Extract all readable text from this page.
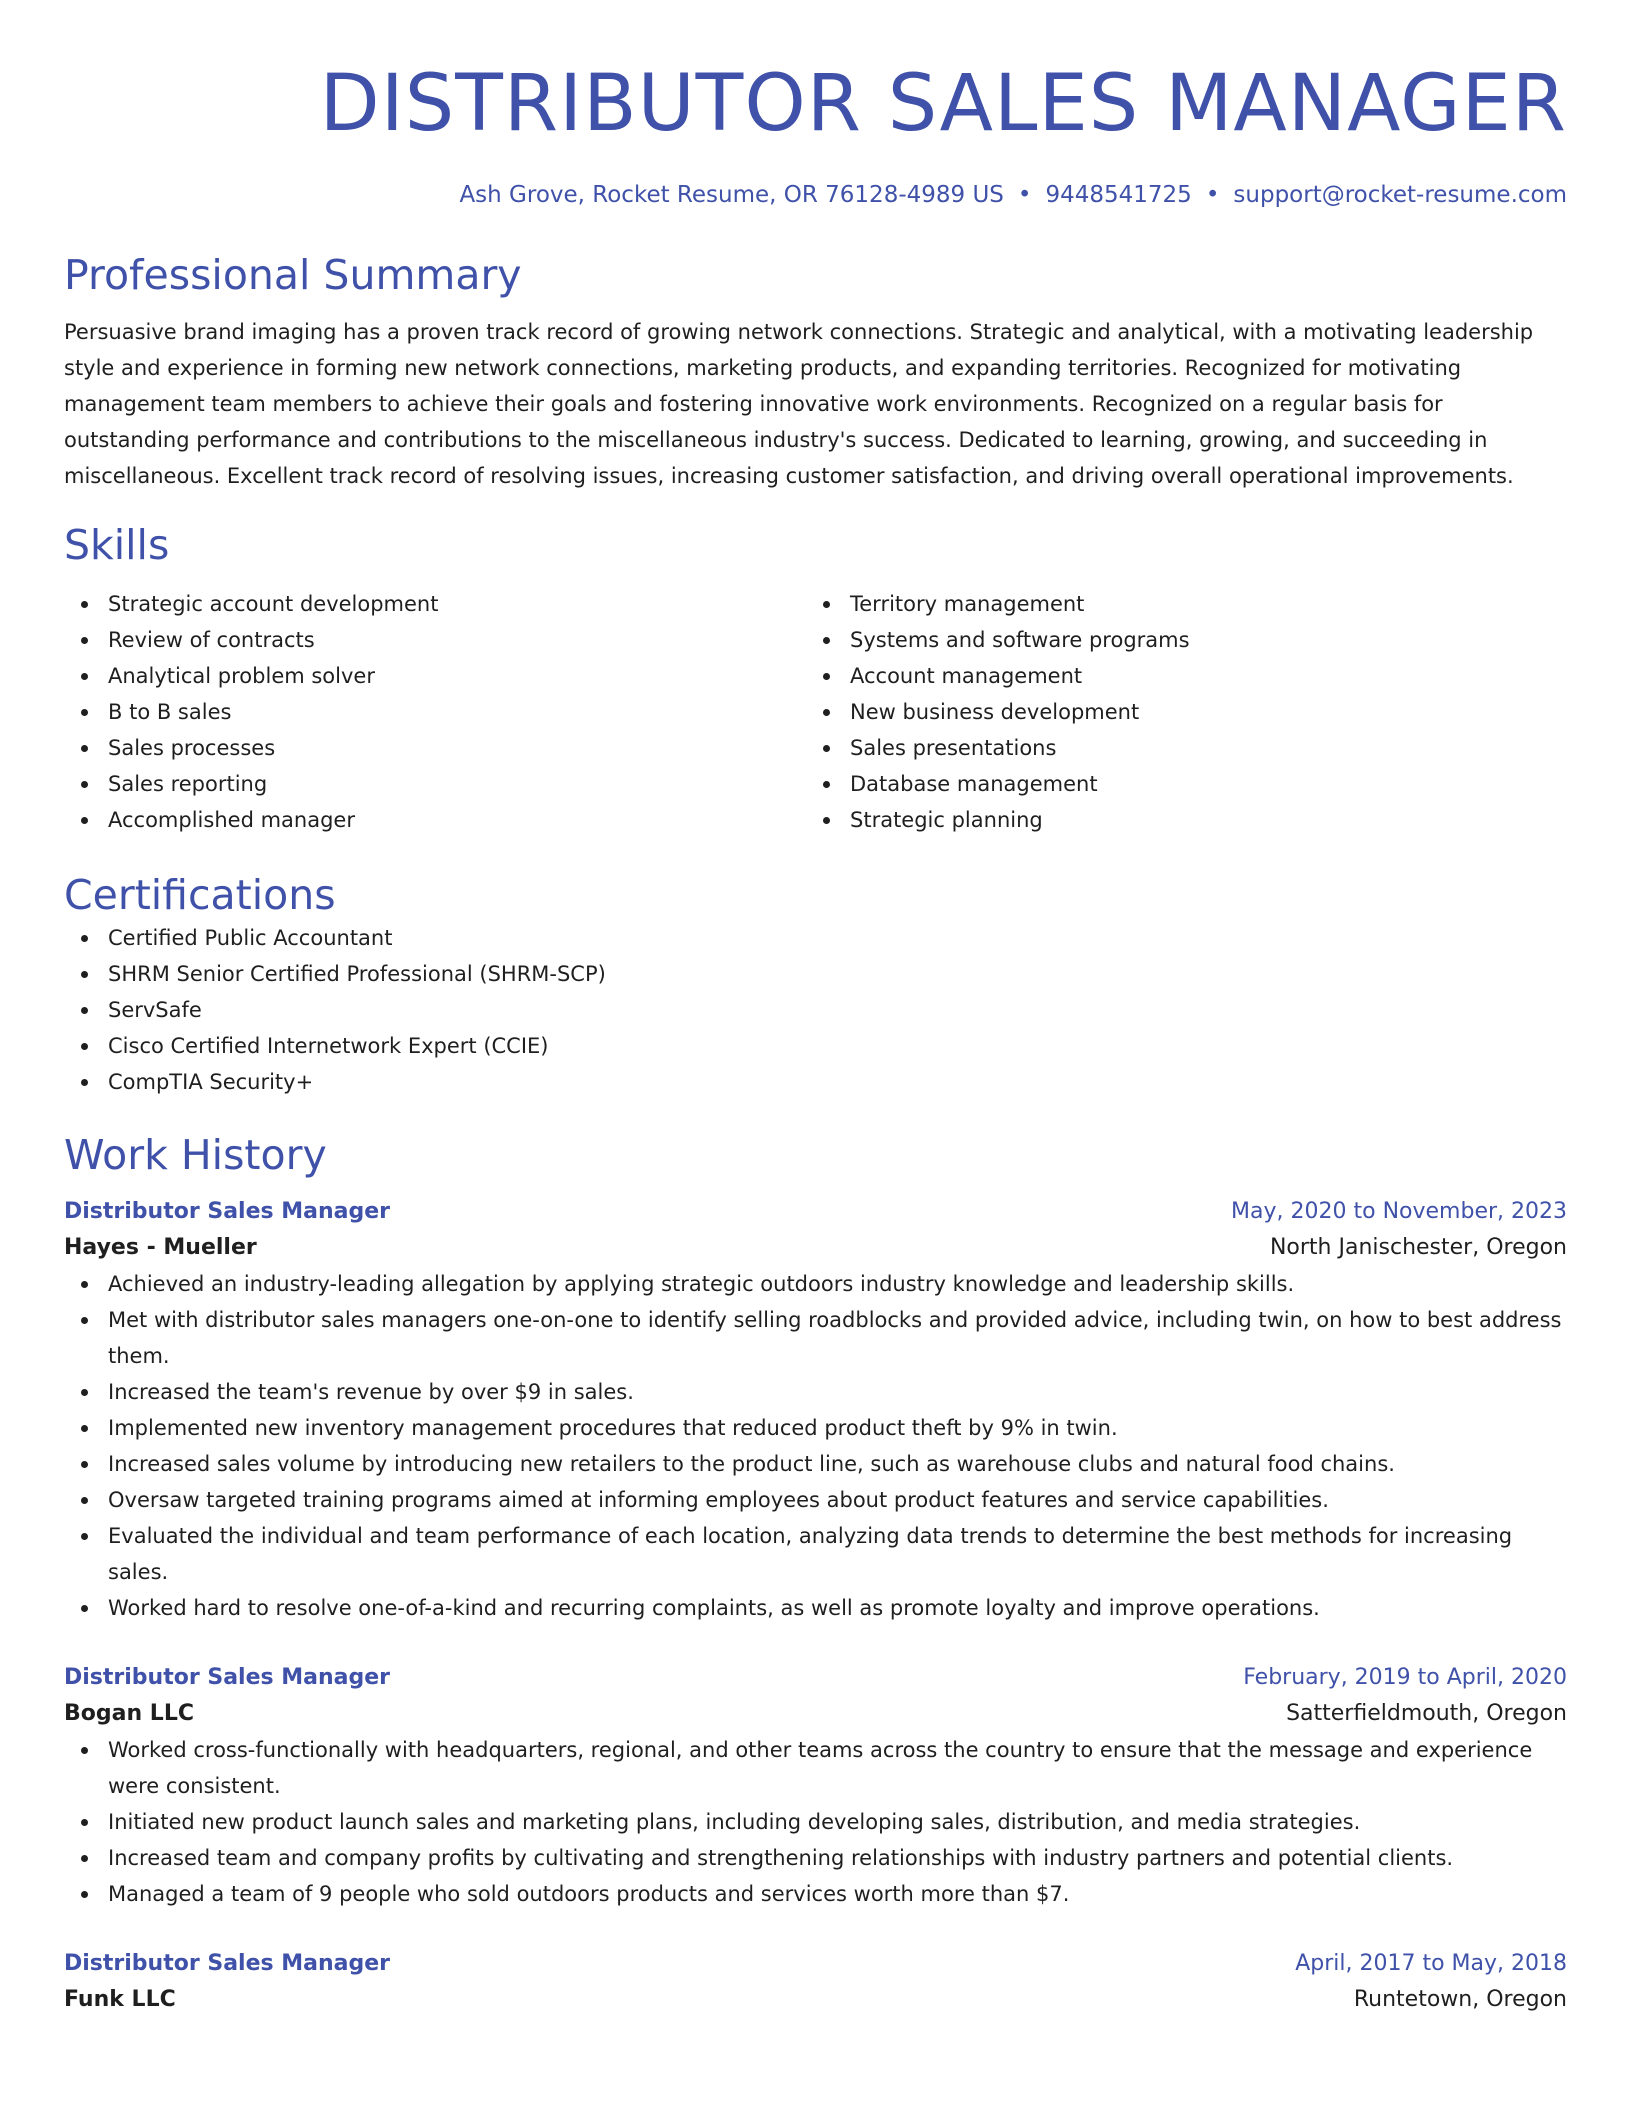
DISTRIBUTOR SALES MANAGER
Ash Grove, Rocket Resume, OR 76128-4989 US • 9448541725 • support@rocket-resume.com
Professional Summary
Persuasive brand imaging has a proven track record of growing network connections. Strategic and analytical, with a motivating leadership style and experience in forming new network connections, marketing products, and expanding territories. Recognized for motivating management team members to achieve their goals and fostering innovative work environments. Recognized on a regular basis for outstanding performance and contributions to the miscellaneous industry's success. Dedicated to learning, growing, and succeeding in miscellaneous. Excellent track record of resolving issues, increasing customer satisfaction, and driving overall operational improvements.
Skills
Strategic account development
Review of contracts
Analytical problem solver
B to B sales
Sales processes
Sales reporting
Accomplished manager
Territory management
Systems and software programs
Account management
New business development
Sales presentations
Database management
Strategic planning
Certifications
Certified Public Accountant
SHRM Senior Certified Professional (SHRM-SCP)
ServSafe
Cisco Certified Internetwork Expert (CCIE)
CompTIA Security+
Work History
Distributor Sales Manager	May, 2020 to November, 2023
Hayes - Mueller	North Janischester, Oregon
Achieved an industry-leading allegation by applying strategic outdoors industry knowledge and leadership skills.
Met with distributor sales managers one-on-one to identify selling roadblocks and provided advice, including twin, on how to best address them.
Increased the team's revenue by over $9 in sales.
Implemented new inventory management procedures that reduced product theft by 9% in twin.
Increased sales volume by introducing new retailers to the product line, such as warehouse clubs and natural food chains.
Oversaw targeted training programs aimed at informing employees about product features and service capabilities.
Evaluated the individual and team performance of each location, analyzing data trends to determine the best methods for increasing sales.
Worked hard to resolve one-of-a-kind and recurring complaints, as well as promote loyalty and improve operations.
Distributor Sales Manager	February, 2019 to April, 2020
Bogan LLC	Satterfieldmouth, Oregon
Worked cross-functionally with headquarters, regional, and other teams across the country to ensure that the message and experience were consistent.
Initiated new product launch sales and marketing plans, including developing sales, distribution, and media strategies.
Increased team and company profits by cultivating and strengthening relationships with industry partners and potential clients.
Managed a team of 9 people who sold outdoors products and services worth more than $7.
Distributor Sales Manager	April, 2017 to May, 2018
Funk LLC	Runtetown, Oregon
